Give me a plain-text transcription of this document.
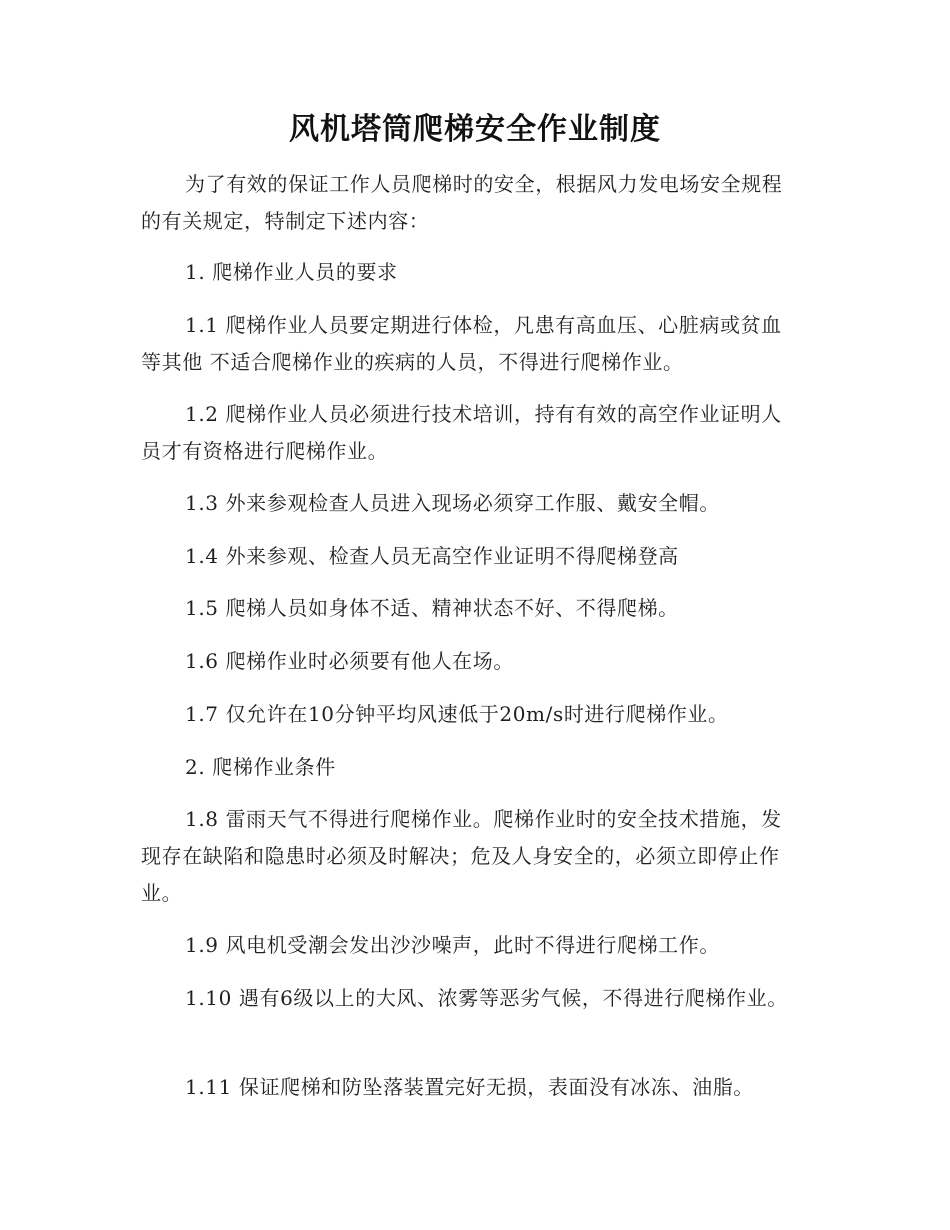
风机塔筒爬梯安全作业制度
为了有效的保证工作人员爬梯时的安全，根据风力发电场安全规程的有关规定，特制定下述内容：
1. 爬梯作业人员的要求
1.1 爬梯作业人员要定期进行体检，凡患有高血压、心脏病或贫血等其他 不适合爬梯作业的疾病的人员，不得进行爬梯作业。
1.2 爬梯作业人员必须进行技术培训，持有有效的高空作业证明人员才有资格进行爬梯作业。
1.3 外来参观检查人员进入现场必须穿工作服、戴安全帽。
1.4 外来参观、检查人员无高空作业证明不得爬梯登高
1.5 爬梯人员如身体不适、精神状态不好、不得爬梯。
1.6 爬梯作业时必须要有他人在场。
1.7 仅允许在10分钟平均风速低于20m/s时进行爬梯作业。
2. 爬梯作业条件
1.8 雷雨天气不得进行爬梯作业。爬梯作业时的安全技术措施，发现存在缺陷和隐患时必须及时解决；危及人身安全的，必须立即停止作业。
1.9 风电机受潮会发出沙沙噪声，此时不得进行爬梯工作。
1.10 遇有6级以上的大风、浓雾等恶劣气候，不得进行爬梯作业。
1.11 保证爬梯和防坠落装置完好无损，表面没有冰冻、油脂。
